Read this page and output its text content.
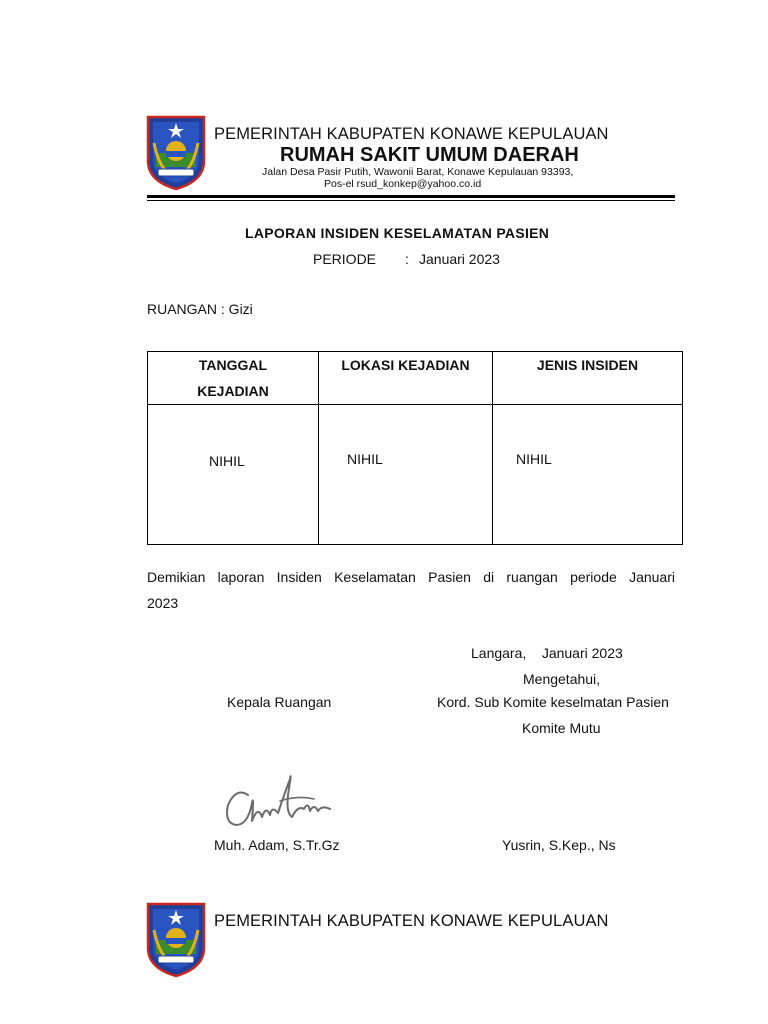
PEMERINTAH KABUPATEN KONAWE KEPULAUAN
RUMAH SAKIT UMUM DAERAH
Jalan Desa Pasir Putih, Wawonii Barat, Konawe Kepulauan 93393,
Pos-el rsud_konkep@yahoo.co.id
LAPORAN INSIDEN KESELAMATAN PASIEN
PERIODE : Januari 2023
RUANGAN : Gizi
TANGGAL
KEJADIAN	LOKASI KEJADIAN	JENIS INSIDEN

NIHIL	NIHIL	NIHIL
Demikian laporan Insiden Keselamatan Pasien di ruangan periode Januari
2023
Langara,    Januari 2023
Mengetahui,
Kepala Ruangan	Kord. Sub Komite keselmatan Pasien
Komite Mutu
Muh. Adam, S.Tr.Gz	Yusrin, S.Kep., Ns
PEMERINTAH KABUPATEN KONAWE KEPULAUAN
